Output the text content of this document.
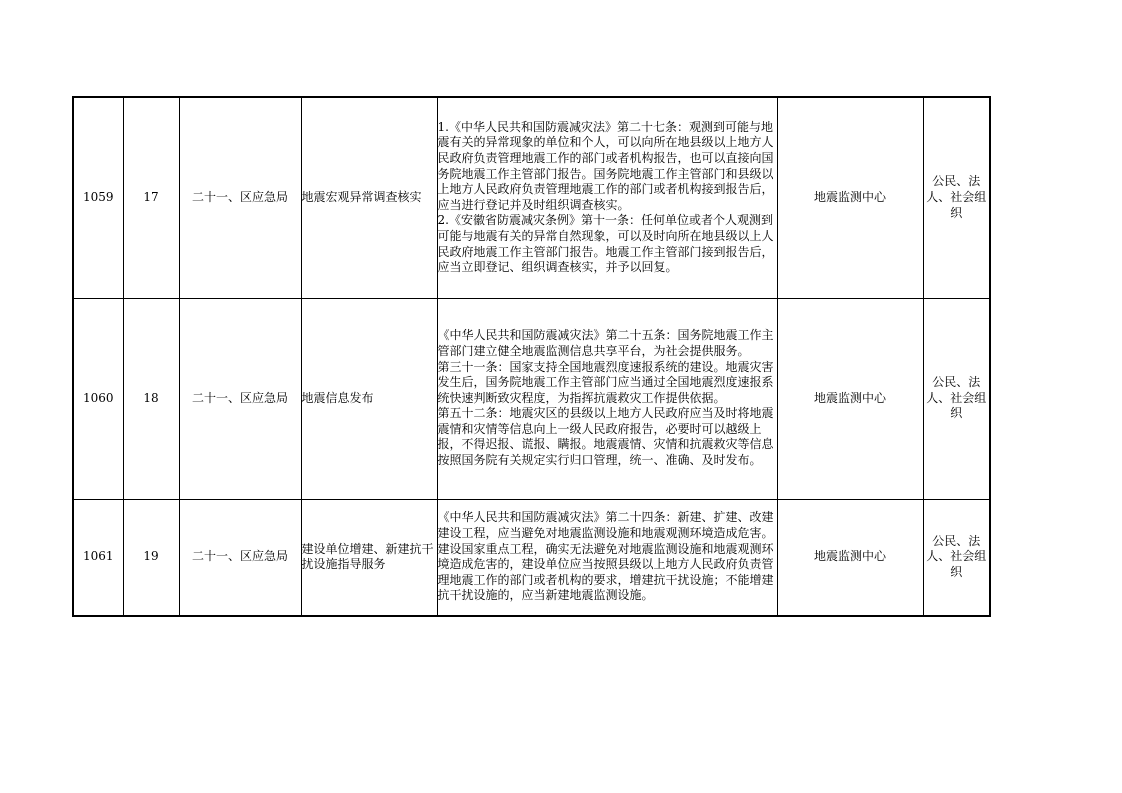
1059	17	二十一、区应急局	地震宏观异常调查核实	1.《中华人民共和国防震减灾法》第二十七条：观测到可能与地震有关的异常现象的单位和个人，可以向所在地县级以上地方人民政府负责管理地震工作的部门或者机构报告，也可以直接向国务院地震工作主管部门报告。国务院地震工作主管部门和县级以上地方人民政府负责管理地震工作的部门或者机构接到报告后，应当进行登记并及时组织调查核实。
2.《安徽省防震减灾条例》第十一条：任何单位或者个人观测到可能与地震有关的异常自然现象，可以及时向所在地县级以上人民政府地震工作主管部门报告。地震工作主管部门接到报告后，应当立即登记、组织调查核实，并予以回复。	地震监测中心	公民、法人、社会组织
1060	18	二十一、区应急局	地震信息发布	《中华人民共和国防震减灾法》第二十五条：国务院地震工作主管部门建立健全地震监测信息共享平台，为社会提供服务。
第三十一条：国家支持全国地震烈度速报系统的建设。地震灾害发生后，国务院地震工作主管部门应当通过全国地震烈度速报系统快速判断致灾程度，为指挥抗震救灾工作提供依据。
第五十二条：地震灾区的县级以上地方人民政府应当及时将地震震情和灾情等信息向上一级人民政府报告，必要时可以越级上报，不得迟报、谎报、瞒报。地震震情、灾情和抗震救灾等信息按照国务院有关规定实行归口管理，统一、准确、及时发布。	地震监测中心	公民、法人、社会组织
1061	19	二十一、区应急局	建设单位增建、新建抗干扰设施指导服务	《中华人民共和国防震减灾法》第二十四条：新建、扩建、改建建设工程，应当避免对地震监测设施和地震观测环境造成危害。建设国家重点工程，确实无法避免对地震监测设施和地震观测环境造成危害的，建设单位应当按照县级以上地方人民政府负责管理地震工作的部门或者机构的要求，增建抗干扰设施；不能增建抗干扰设施的，应当新建地震监测设施。	地震监测中心	公民、法人、社会组织
